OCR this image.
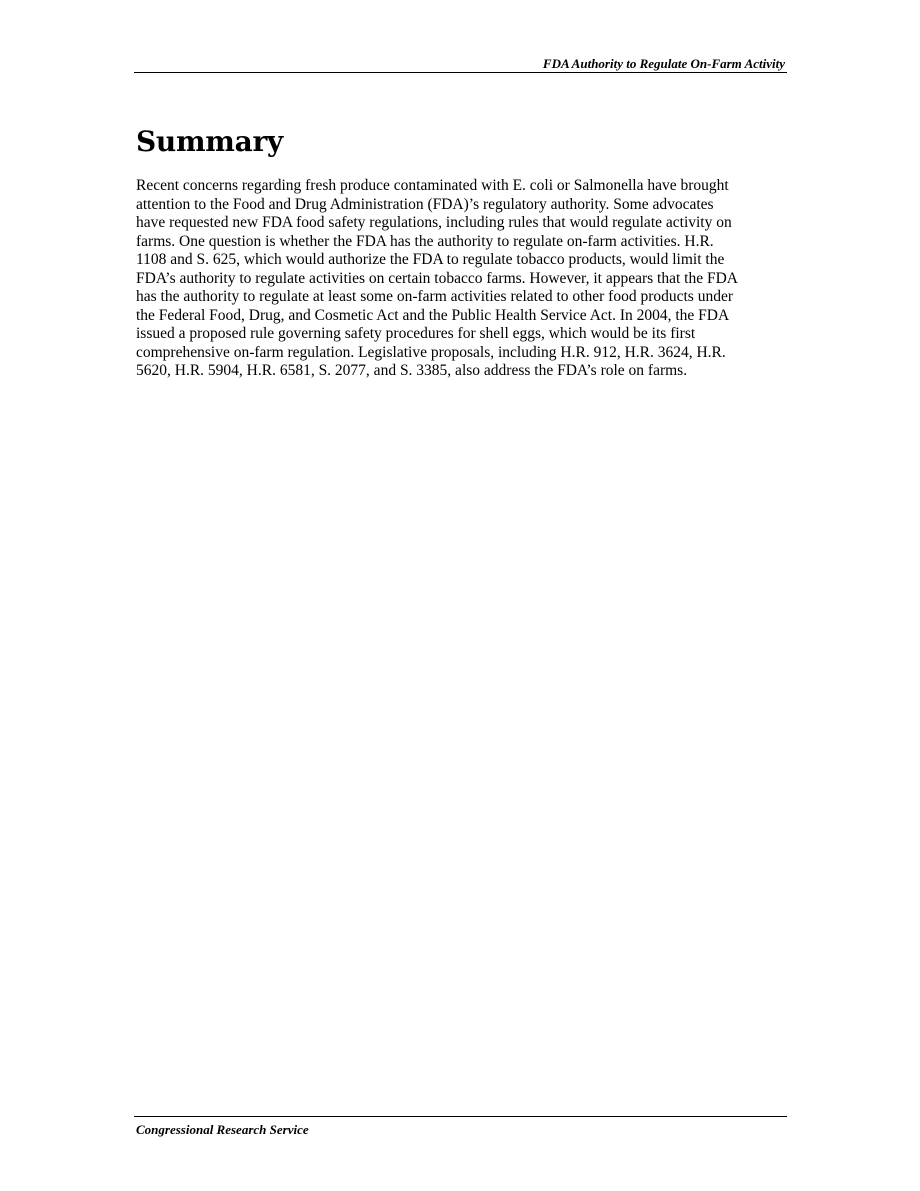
FDA Authority to Regulate On-Farm Activity
Summary
Recent concerns regarding fresh produce contaminated with E. coli or Salmonella have brought
attention to the Food and Drug Administration (FDA)’s regulatory authority. Some advocates
have requested new FDA food safety regulations, including rules that would regulate activity on
farms. One question is whether the FDA has the authority to regulate on-farm activities. H.R.
1108 and S. 625, which would authorize the FDA to regulate tobacco products, would limit the
FDA’s authority to regulate activities on certain tobacco farms. However, it appears that the FDA
has the authority to regulate at least some on-farm activities related to other food products under
the Federal Food, Drug, and Cosmetic Act and the Public Health Service Act. In 2004, the FDA
issued a proposed rule governing safety procedures for shell eggs, which would be its first
comprehensive on-farm regulation. Legislative proposals, including H.R. 912, H.R. 3624, H.R.
5620, H.R. 5904, H.R. 6581, S. 2077, and S. 3385, also address the FDA’s role on farms.
Congressional Research Service
